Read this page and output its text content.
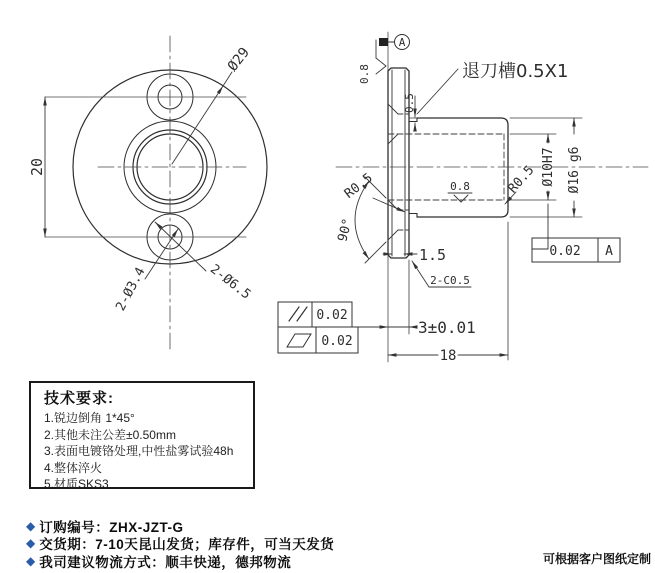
20
Ø29
2-Ø3.4	2-Ø6.5
A
0.8
0.8
退刀槽0.5X1
0.5
R0.5	R0.5
90°
1.5
2-C0.5
3±0.01
18
Ø10H7 Ø16 g6
0.02 A
0.02
0.02
技术要求:
1.锐边倒角 1*45°
2.其他未注公差±0.50mm
3.表面电镀铬处理,中性盐雾试验48h
4.整体淬火
5.材质SKS3
◆ 订购编号：ZHX-JZT-G
◆ 交货期：7-10天昆山发货；库存件，可当天发货
◆ 我司建议物流方式：顺丰快递，德邦物流	可根据客户图纸定制
